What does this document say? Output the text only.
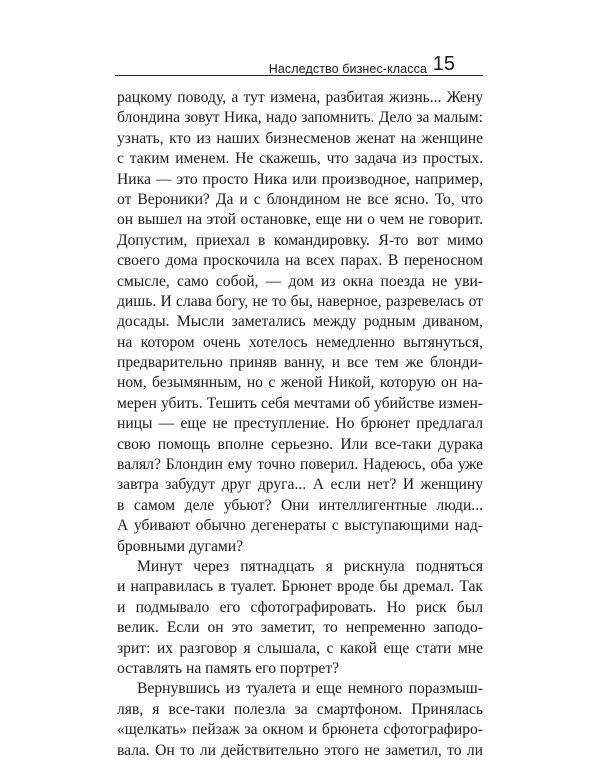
Наследство бизнес-класса 15
рацкому поводу, а тут измена, разбитая жизнь... Жену
блондина зовут Ника, надо запомнить. Дело за малым:
узнать, кто из наших бизнесменов женат на женщине
с таким именем. Не скажешь, что задача из простых.
Ника — это просто Ника или производное, например,
от Вероники? Да и с блондином не все ясно. То, что
он вышел на этой остановке, еще ни о чем не говорит.
Допустим, приехал в командировку. Я-то вот мимо
своего дома проскочила на всех парах. В переносном
смысле, само собой, — дом из окна поезда не уви-
дишь. И слава богу, не то бы, наверное, разревелась от
досады. Мысли заметались между родным диваном,
на котором очень хотелось немедленно вытянуться,
предварительно приняв ванну, и все тем же блонди-
ном, безымянным, но с женой Никой, которую он на-
мерен убить. Тешить себя мечтами об убийстве измен-
ницы — еще не преступление. Но брюнет предлагал
свою помощь вполне серьезно. Или все-таки дурака
валял? Блондин ему точно поверил. Надеюсь, оба уже
завтра забудут друг друга... А если нет? И женщину
в самом деле убьют? Они интеллигентные люди...
А убивают обычно дегенераты с выступающими над-
бровными дугами?
Минут через пятнадцать я рискнула подняться
и направилась в туалет. Брюнет вроде бы дремал. Так
и подмывало его сфотографировать. Но риск был
велик. Если он это заметит, то непременно заподо-
зрит: их разговор я слышала, с какой еще стати мне
оставлять на память его портрет?
Вернувшись из туалета и еще немного поразмыш-
ляв, я все-таки полезла за смартфоном. Принялась
«щелкать» пейзаж за окном и брюнета сфотографиро-
вала. Он то ли действительно этого не заметил, то ли
